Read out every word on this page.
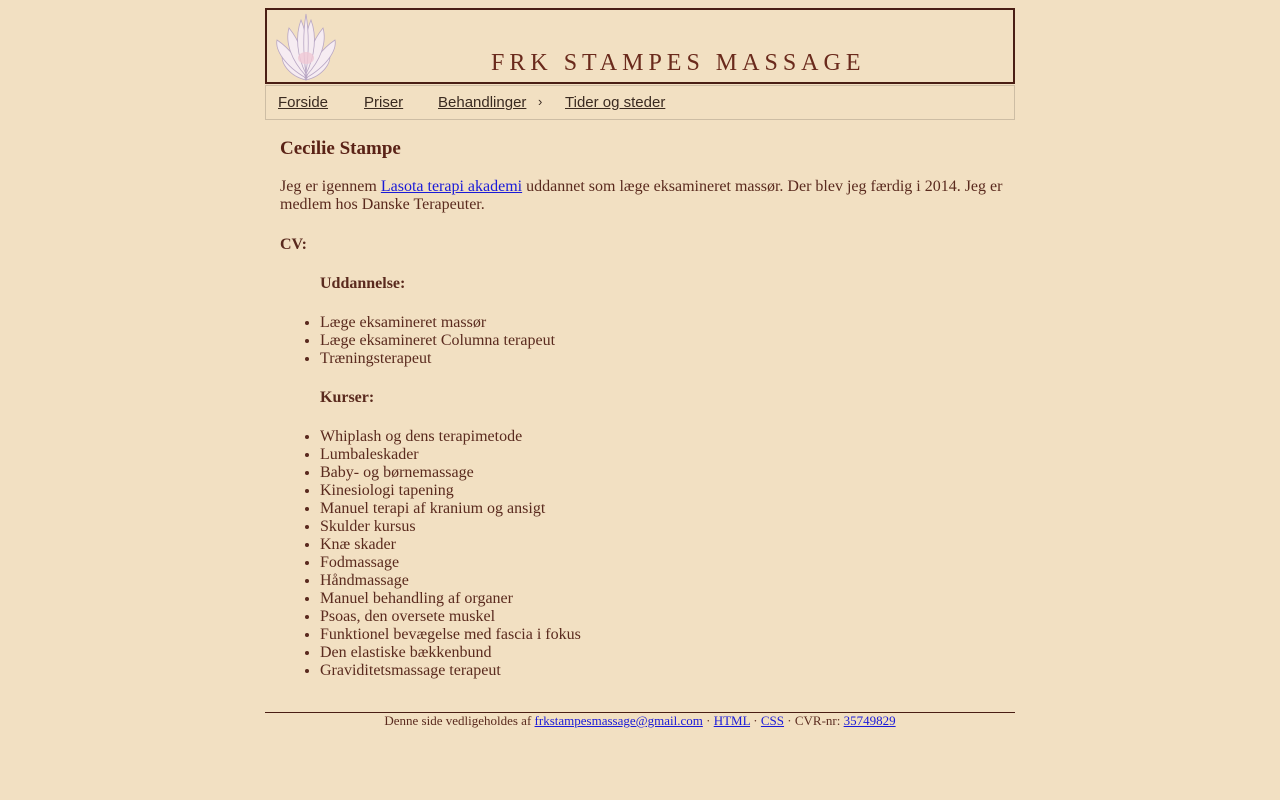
FRK STAMPES MASSAGE
Forside Priser Behandlinger › Tider og steder
Cecilie Stampe

Jeg er igennem Lasota terapi akademi uddannet som læge eksamineret massør. Der blev jeg færdig i 2014. Jeg er medlem hos Danske Terapeuter.

CV:
Uddannelse:
• Læge eksamineret massør
• Læge eksamineret Columna terapeut
• Træningsterapeut
Kurser:
• Whiplash og dens terapimetode
• Lumbaleskader
• Baby- og børnemassage
• Kinesiologi tapening
• Manuel terapi af kranium og ansigt
• Skulder kursus
• Knæ skader
• Fodmassage
• Håndmassage
• Manuel behandling af organer
• Psoas, den oversete muskel
• Funktionel bevægelse med fascia i fokus
• Den elastiske bækkenbund
• Graviditetsmassage terapeut
Denne side vedligeholdes af frkstampesmassage@gmail.com · HTML · CSS · CVR-nr: 35749829
